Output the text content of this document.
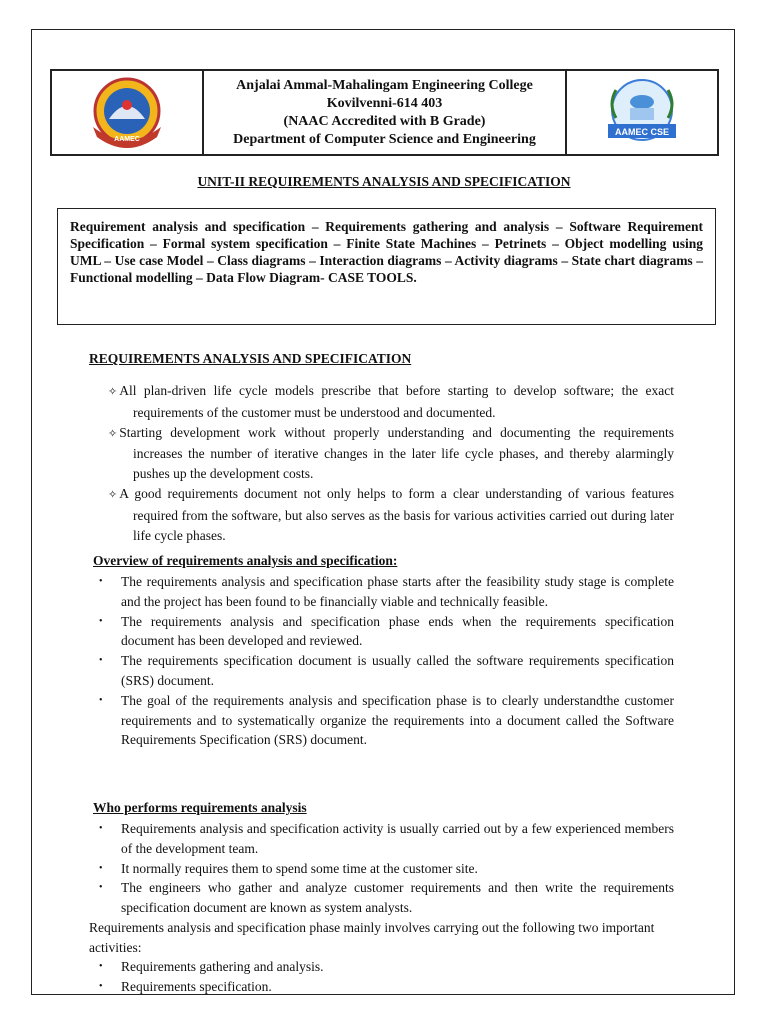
AAMEC
Anjalai Ammal-Mahalingam Engineering College
Kovilvenni-614 403
(NAAC Accredited with B Grade)
Department of Computer Science and Engineering	AAMEC CSE
UNIT-II REQUIREMENTS ANALYSIS AND SPECIFICATION
Requirement analysis and specification – Requirements gathering and analysis – Software Requirement Specification – Formal system specification – Finite State Machines – Petrinets – Object modelling using UML – Use case Model – Class diagrams – Interaction diagrams – Activity diagrams – State chart diagrams – Functional modelling – Data Flow Diagram- CASE TOOLS.
REQUIREMENTS ANALYSIS AND SPECIFICATION
✧ All plan-driven life cycle models prescribe that before starting to develop software; the exact requirements of the customer must be understood and documented.
✧ Starting development work without properly understanding and documenting the requirements increases the number of iterative changes in the later life cycle phases, and thereby alarmingly pushes up the development costs.
✧ A good requirements document not only helps to form a clear understanding of various features required from the software, but also serves as the basis for various activities carried out during later life cycle phases.
Overview of requirements analysis and specification:
•	The requirements analysis and specification phase starts after the feasibility study stage is complete and the project has been found to be financially viable and technically feasible.
•	The requirements analysis and specification phase ends when the requirements specification document has been developed and reviewed.
•	The requirements specification document is usually called the software requirements specification (SRS) document.
•	The goal of the requirements analysis and specification phase is to clearly understandthe customer requirements and to systematically organize the requirements into a document called the Software Requirements Specification (SRS) document.
Who performs requirements analysis
•	Requirements analysis and specification activity is usually carried out by a few experienced members of the development team.
•	It normally requires them to spend some time at the customer site.
•	The engineers who gather and analyze customer requirements and then write the requirements specification document are known as system analysts.
Requirements analysis and specification phase mainly involves carrying out the following two important activities:
•	Requirements gathering and analysis.
•	Requirements specification.
